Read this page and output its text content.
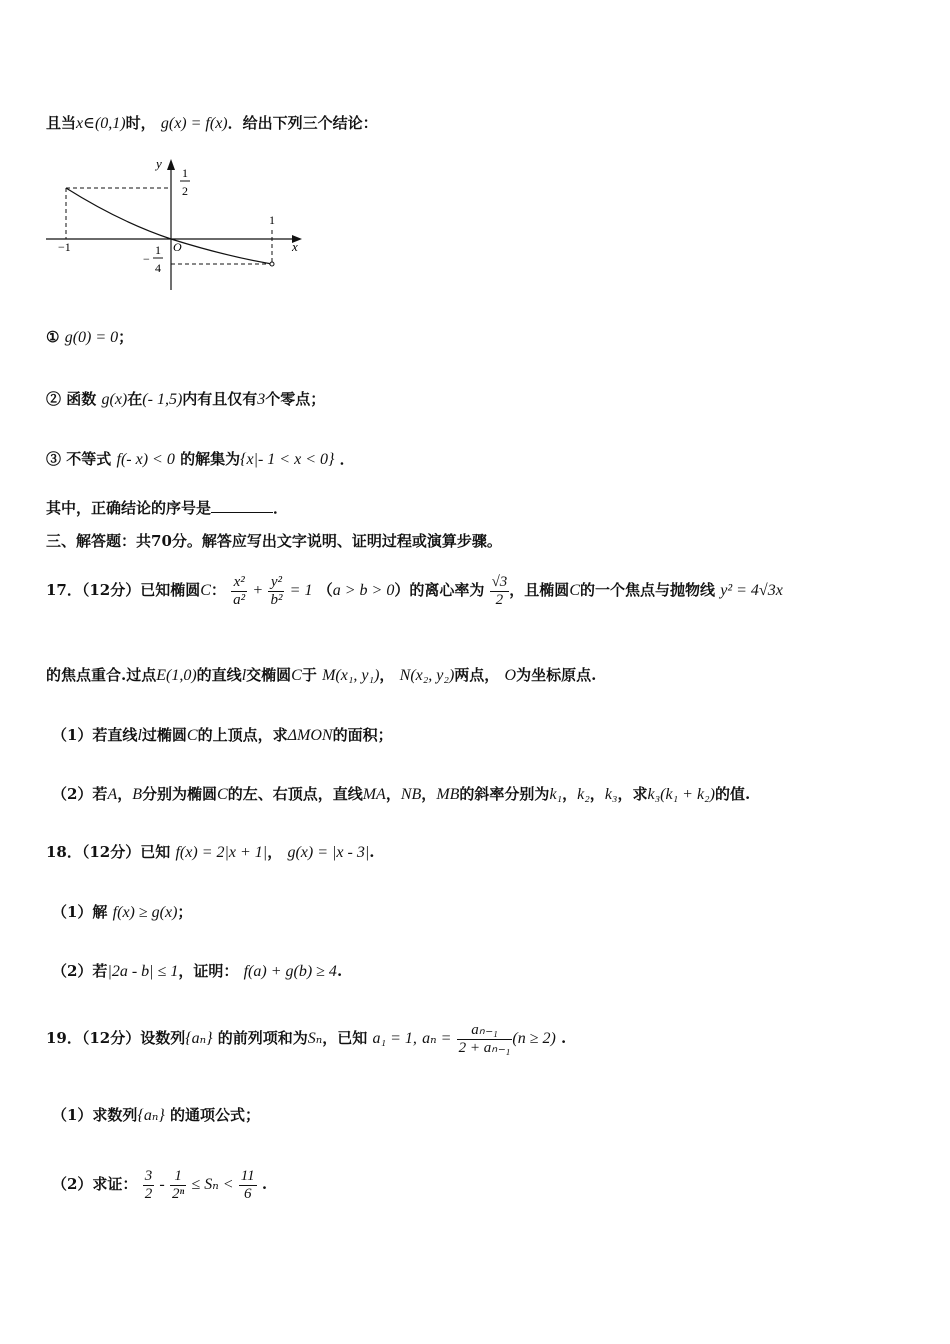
且当x∈(0,1)时， g(x) = f(x)．给出下列三个结论：
y
x
O
1
2
−
1
4
−1
1
① g(0) = 0；
② 函数 g(x)在(- 1,5)内有且仅有3个零点；
③ 不等式 f(- x) < 0 的解集为{x|- 1 < x < 0} ．
其中，正确结论的序号是	．
三、解答题：共70分。解答应写出文字说明、证明过程或演算步骤。
17．（12分）已知椭圆C： $\frac{\text{x²}}{\text{a²}} + \frac{\text{y²}}{\text{b²}} = 1$ （a > b > 0）的离心率为 $\frac{√3}{2}$ ，且椭圆C的一个焦点与抛物线 y² = 4√3x
的焦点重合.过点E(1,0)的直线l交椭圆C于 M(x₁, y₁)， N(x₂, y₂)两点， O为坐标原点.
（1）若直线l过椭圆C的上顶点，求ΔMON的面积；
（2）若A，B分别为椭圆C的左、右顶点，直线MA，NB，MB的斜率分别为k₁，k₂，k₃，求k₃(k₁ + k₂)的值.
18．（12分）已知 f(x) = 2|x + 1|， g(x) = |x - 3|.
（1）解 f(x) ≥ g(x)；
（2）若|2a - b| ≤ 1，证明： f(a) + g(b) ≥ 4.
19．（12分）设数列{aₙ} 的前列项和为Sₙ，已知 a₁ = 1, $a_n = \frac{\text{aₙ₋₁}}{\text{2 + aₙ₋₁}} (n \ge 2)$ .
（1）求数列{aₙ} 的通项公式；
（2）求证： $\frac{3}{2} - \frac{1}{\text{2ⁿ}} \le S_n < \frac{11}{6}$ .
